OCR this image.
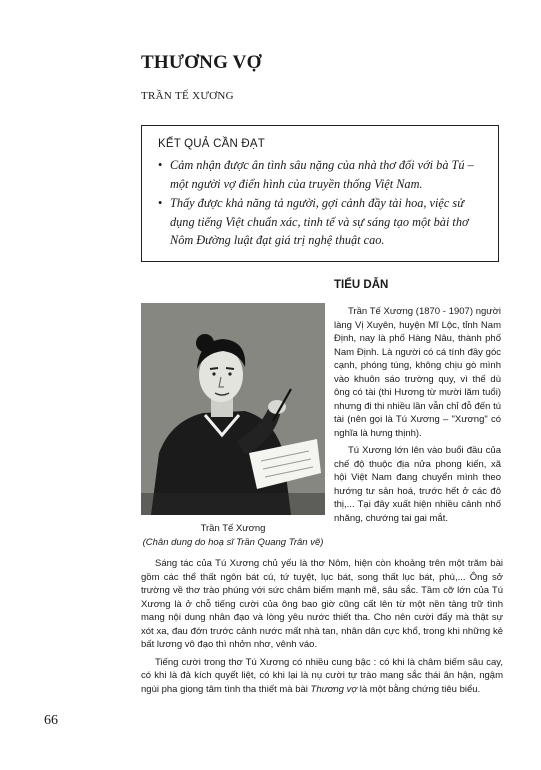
THƯƠNG VỢ
TRẦN TẾ XƯƠNG
KẾT QUẢ CẦN ĐẠT
• Cảm nhận được ân tình sâu nặng của nhà thơ đối với bà Tú – một người vợ điển hình của truyền thống Việt Nam.
• Thấy được khả năng tả người, gợi cảnh đầy tài hoa, việc sử dụng tiếng Việt chuẩn xác, tinh tế và sự sáng tạo một bài thơ Nôm Đường luật đạt giá trị nghệ thuật cao.
TIỂU DẪN
Trần Tế Xương
(Chân dung do hoạ sĩ Trần Quang Trân vẽ)

Trần Tế Xương (1870 - 1907) người làng Vị Xuyên, huyện Mĩ Lộc, tỉnh Nam Định, nay là phố Hàng Nâu, thành phố Nam Định. Là người có cá tính đầy góc cạnh, phóng túng, không chịu gò mình vào khuôn sáo trường quy, vì thế dù ông có tài (thi Hương từ mười lăm tuổi) nhưng đi thi nhiều lần vẫn chỉ đỗ đến tú tài (nên gọi là Tú Xương – "Xương" có nghĩa là hưng thịnh).

Tú Xương lớn lên vào buổi đầu của chế độ thuộc địa nửa phong kiến, xã hội Việt Nam đang chuyển mình theo hướng tư sản hoá, trước hết ở các đô thị,... Tại đây xuất hiện nhiều cảnh nhố nhăng, chướng tai gai mắt.

Sáng tác của Tú Xương chủ yếu là thơ Nôm, hiện còn khoảng trên một trăm bài gồm các thể thất ngôn bát cú, tứ tuyệt, lục bát, song thất lục bát, phú,... Ông sở trường về thơ trào phúng với sức châm biếm mạnh mẽ, sâu sắc. Tầm cỡ lớn của Tú Xương là ở chỗ tiếng cười của ông bao giờ cũng cất lên từ một nền tảng trữ tình mang nội dung nhân đạo và lòng yêu nước thiết tha. Cho nên cười đấy mà thật sự xót xa, đau đớn trước cảnh nước mất nhà tan, nhân dân cực khổ, trong khi những kẻ bất lương vô đạo thì nhởn nhơ, vênh váo.

Tiếng cười trong thơ Tú Xương có nhiều cung bậc : có khi là châm biếm sâu cay, có khi là đả kích quyết liệt, có khi lại là nụ cười tự trào mang sắc thái ân hận, ngậm ngùi pha giọng tâm tình tha thiết mà bài Thương vợ là một bằng chứng tiêu biểu.

66
